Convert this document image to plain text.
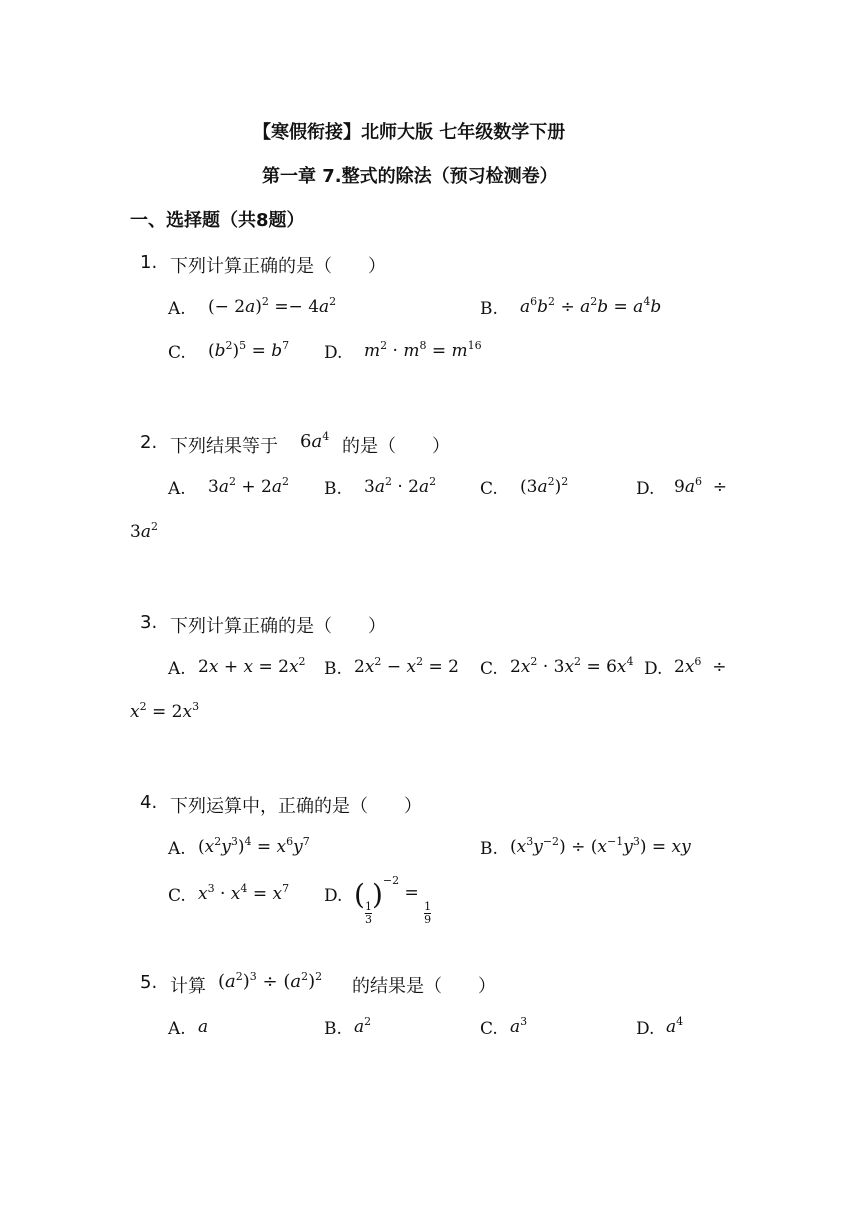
【寒假衔接】北师大版 七年级数学下册
第一章 7.整式的除法（预习检测卷）
一、选择题（共8题）
1. 下列计算正确的是（　　）
A. (− $2a)^2 =- 4a^2$	B. $a^6b^2 \div a^2b = a^4b$
C. $(b^2)^5 = b^7$ D. $m^2 \cdot m^8 = m^{16}$
2. 下列结果等于 $6a^4$ 的是（　　）
A. $3a^2 + 2a^2$ B. $3a^2 \cdot 2a^2$	C. $(3a^2)^2$	D. $9a^6$  ÷
$3a^2$
3. 下列计算正确的是（　　）
A. $2x + x = 2x^2$ B. $2x^2 - x^2 = 2$ C. $2x^2 \cdot 3x^2 = 6x^4$ D. $2x^6$  ÷
$x^2 = 2x^3$
4. 下列运算中，正确的是（　　）
A. $(x^2y^3)^4 = x^6y^7$	B. $(x^3y^{-2}) \div (x^{-1}y^3)$ = xy
C. $x^3 \cdot x^4 = x^7$ D. (
$\frac{1}{3}$
)$^{-2}$ =
$\frac{1}{9}$
5. 计算 $(a^2)^3 \div (a^2)^2$ 的结果是（　　）
A. a	B. $a^2$	C. $a^3$	D. $a^4$
